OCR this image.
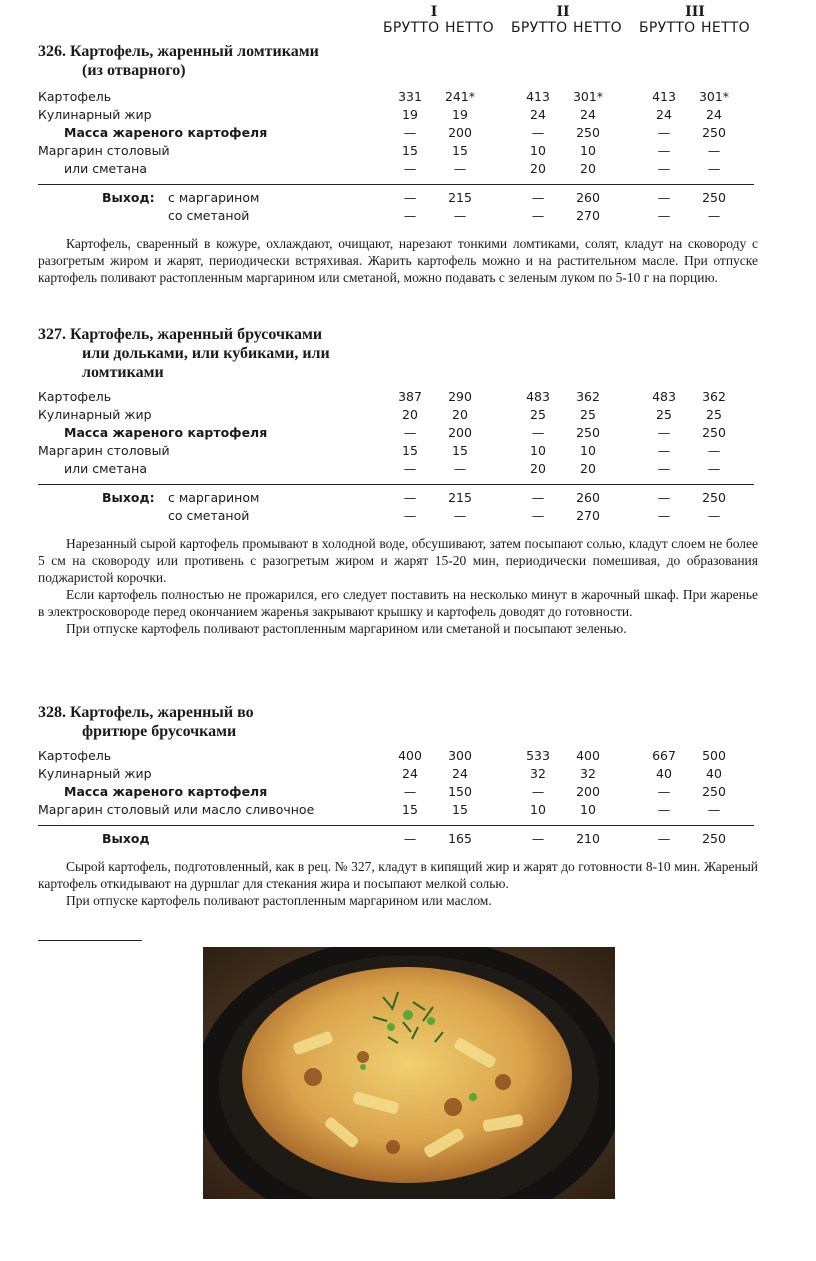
I	II	III
БРУТТО НЕТТО БРУТТО НЕТТО БРУТТО НЕТТО
326. Картофель, жаренный ломтиками
(из отварного)
Картофель	331	241*	413	301*	413	301*
Кулинарный жир	19	19	24	24	24	24
Масса жареного картофеля	—	200	—	250	—	250
Маргарин столовый	15	15	10	10	—	—
или сметана	—	—	20	20	—	—
Выход: с маргарином	—	215	—	260	—	250
со сметаной	—	—	—	270	—	—

Картофель, сваренный в кожуре, охлаждают, очищают, нарезают тонкими ломтиками, солят, кладут на сковороду с разогретым жиром и жарят, периодически встряхивая. Жарить картофель можно и на растительном масле. При отпуске картофель поливают растопленным маргарином или сметаной, можно подавать с зеленым луком по 5-10 г на порцию.

327. Картофель, жаренный брусочками
или дольками, или кубиками, или
ломтиками
Картофель	387	290	483	362	483	362
Кулинарный жир	20	20	25	25	25	25
Масса жареного картофеля	—	200	—	250	—	250
Маргарин столовый	15	15	10	10	—	—
или сметана	—	—	20	20	—	—
Выход: с маргарином	—	215	—	260	—	250
со сметаной	—	—	—	270	—	—

Нарезанный сырой картофель промывают в холодной воде, обсушивают, затем посыпают солью, кладут слоем не более 5 см на сковороду или противень с разогретым жиром и жарят 15-20 мин, периодически помешивая, до образования поджаристой корочки.

Если картофель полностью не прожарился, его следует поставить на несколько минут в жарочный шкаф. При жаренье в электросковороде перед окончанием жаренья закрывают крышку и картофель доводят до готовности.

При отпуске картофель поливают растопленным маргарином или сметаной и посыпают зеленью.

328. Картофель, жаренный во
фритюре брусочками
Картофель	400	300	533	400	667	500
Кулинарный жир	24	24	32	32	40	40
Масса жареного картофеля	—	150	—	200	—	250
Маргарин столовый или масло сливочное	15	15	10	10	—	—
Выход	—	165	—	210	—	250

Сырой картофель, подготовленный, как в рец. № 327, кладут в кипящий жир и жарят до готовности 8-10 мин. Жареный картофель откидывают на дуршлаг для стекания жира и посыпают мелкой солью.

При отпуске картофель поливают растопленным маргарином или маслом.
